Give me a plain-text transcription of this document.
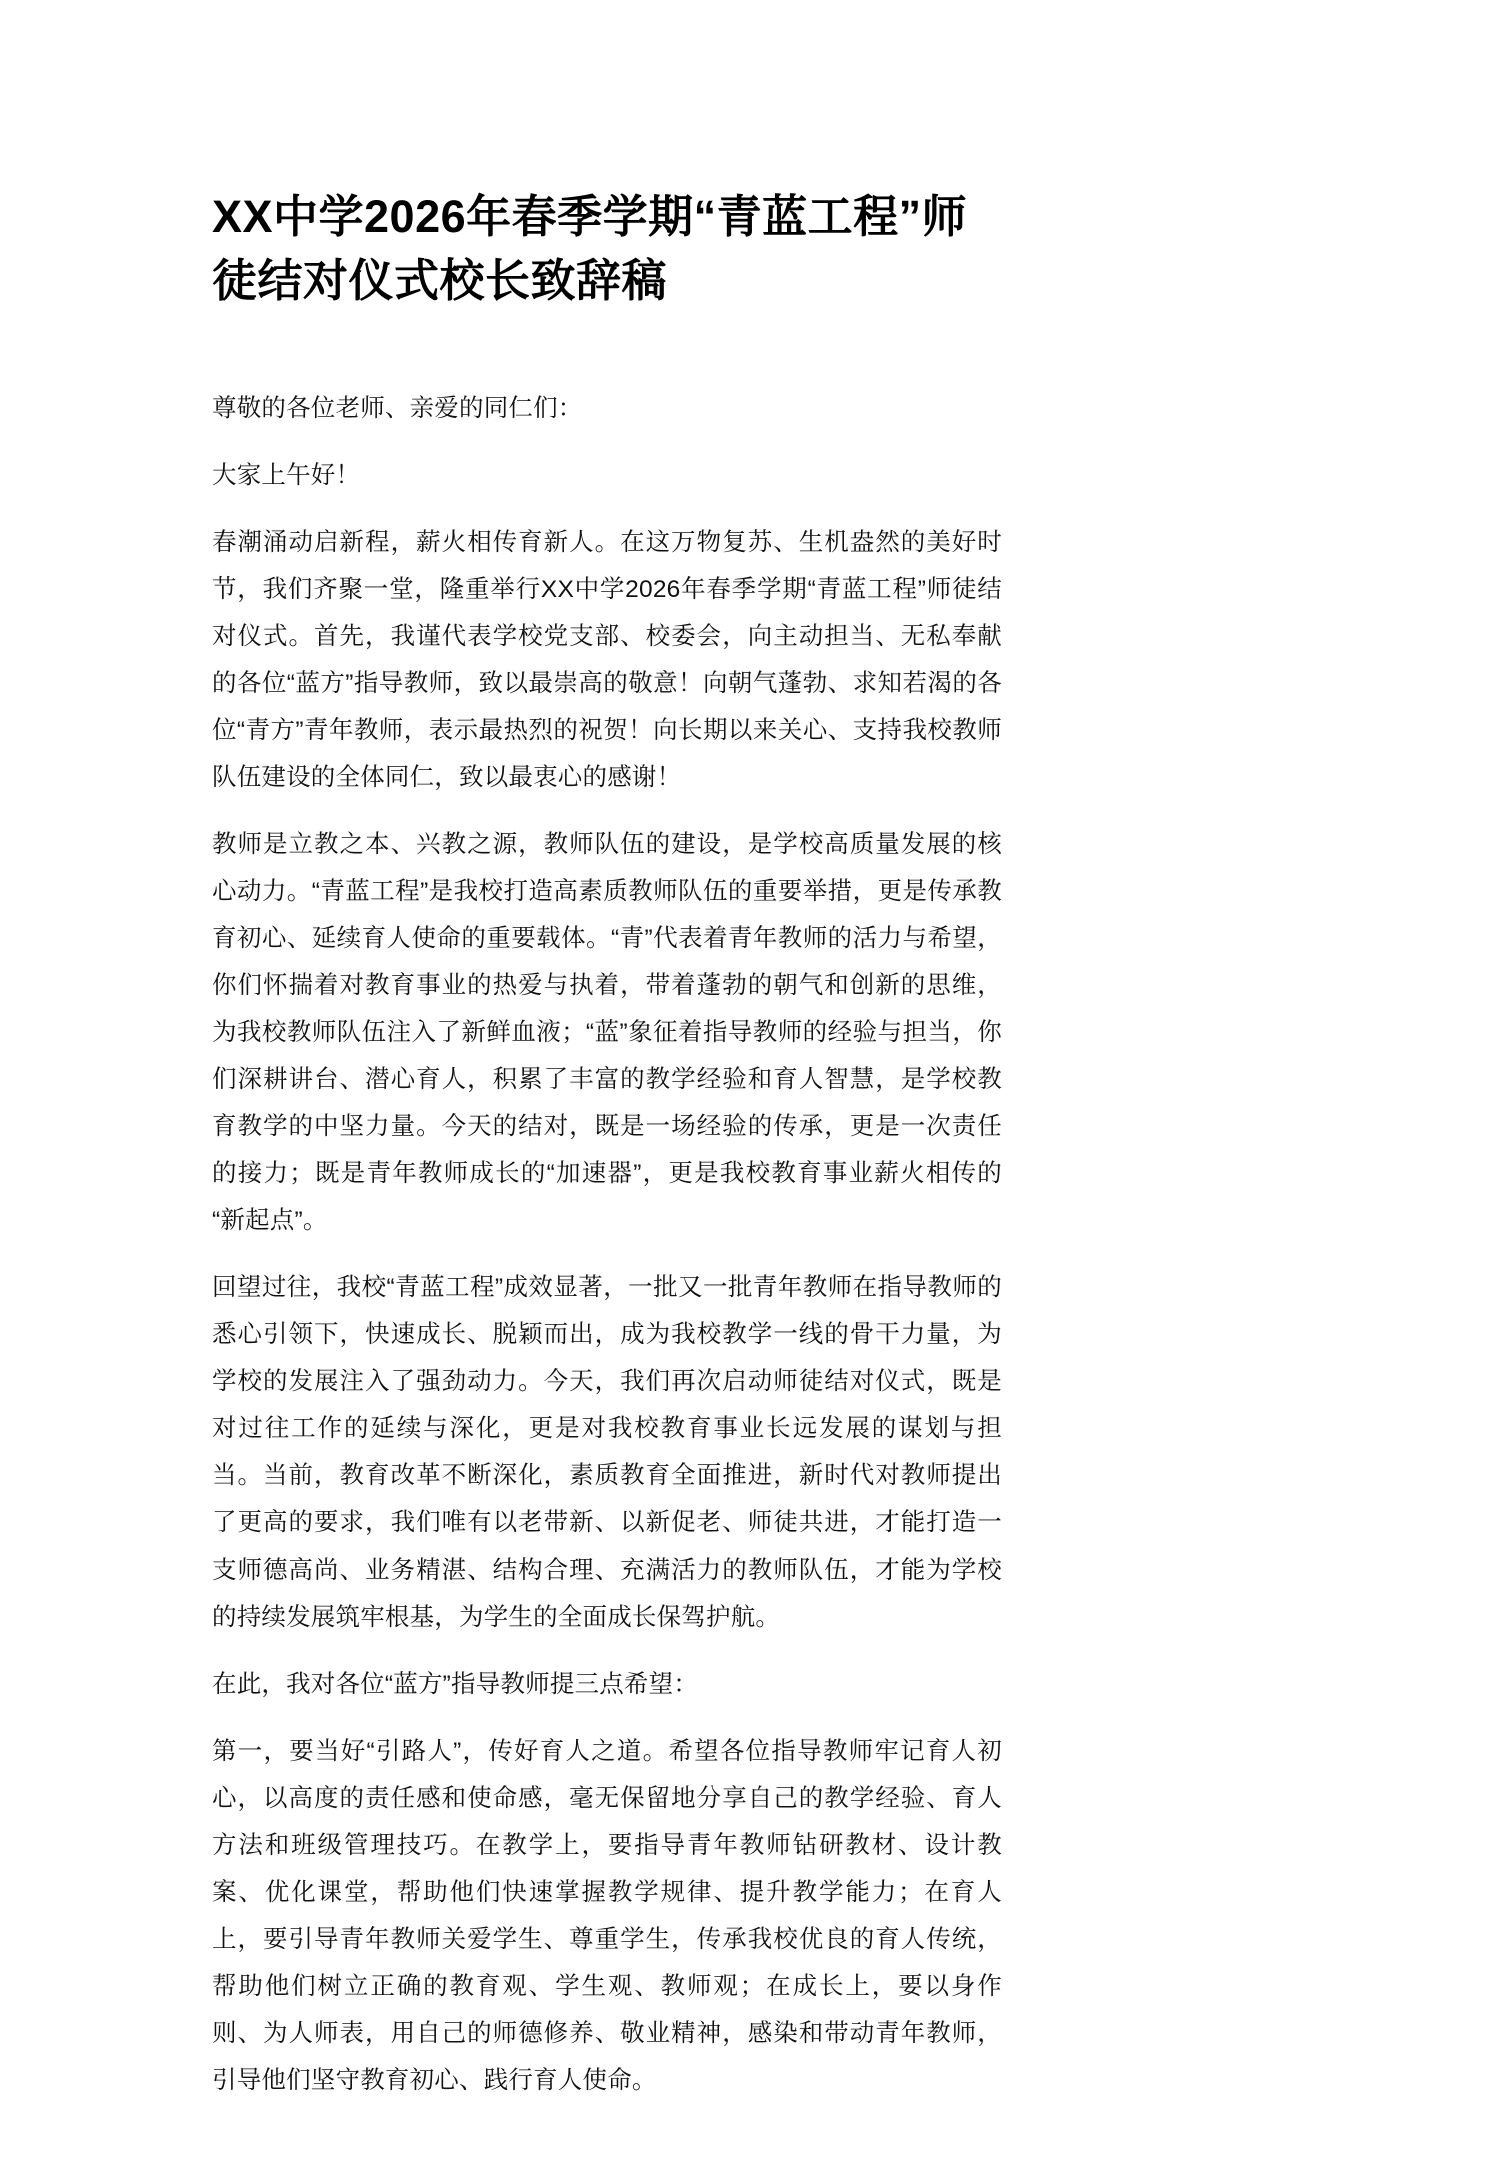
XX中学2026年春季学期“青蓝工程”师徒结对仪式校长致辞稿

尊敬的各位老师、亲爱的同仁们：

大家上午好！

春潮涌动启新程，薪火相传育新人。在这万物复苏、生机盎然的美好时节，我们齐聚一堂，隆重举行XX中学2026年春季学期“青蓝工程”师徒结对仪式。首先，我谨代表学校党支部、校委会，向主动担当、无私奉献的各位“蓝方”指导教师，致以最崇高的敬意！向朝气蓬勃、求知若渴的各位“青方”青年教师，表示最热烈的祝贺！向长期以来关心、支持我校教师队伍建设的全体同仁，致以最衷心的感谢！

教师是立教之本、兴教之源，教师队伍的建设，是学校高质量发展的核心动力。“青蓝工程”是我校打造高素质教师队伍的重要举措，更是传承教育初心、延续育人使命的重要载体。“青”代表着青年教师的活力与希望，你们怀揣着对教育事业的热爱与执着，带着蓬勃的朝气和创新的思维，为我校教师队伍注入了新鲜血液；“蓝”象征着指导教师的经验与担当，你们深耕讲台、潜心育人，积累了丰富的教学经验和育人智慧，是学校教育教学的中坚力量。今天的结对，既是一场经验的传承，更是一次责任的接力；既是青年教师成长的“加速器”，更是我校教育事业薪火相传的“新起点”。

回望过往，我校“青蓝工程”成效显著，一批又一批青年教师在指导教师的悉心引领下，快速成长、脱颖而出，成为我校教学一线的骨干力量，为学校的发展注入了强劲动力。今天，我们再次启动师徒结对仪式，既是对过往工作的延续与深化，更是对我校教育事业长远发展的谋划与担当。当前，教育改革不断深化，素质教育全面推进，新时代对教师提出了更高的要求，我们唯有以老带新、以新促老、师徒共进，才能打造一支师德高尚、业务精湛、结构合理、充满活力的教师队伍，才能为学校的持续发展筑牢根基，为学生的全面成长保驾护航。

在此，我对各位“蓝方”指导教师提三点希望：

第一，要当好“引路人”，传好育人之道。希望各位指导教师牢记育人初心，以高度的责任感和使命感，毫无保留地分享自己的教学经验、育人方法和班级管理技巧。在教学上，要指导青年教师钻研教材、设计教案、优化课堂，帮助他们快速掌握教学规律、提升教学能力；在育人上，要引导青年教师关爱学生、尊重学生，传承我校优良的育人传统，帮助他们树立正确的教育观、学生观、教师观；在成长上，要以身作则、为人师表，用自己的师德修养、敬业精神，感染和带动青年教师，引导他们坚守教育初心、践行育人使命。
